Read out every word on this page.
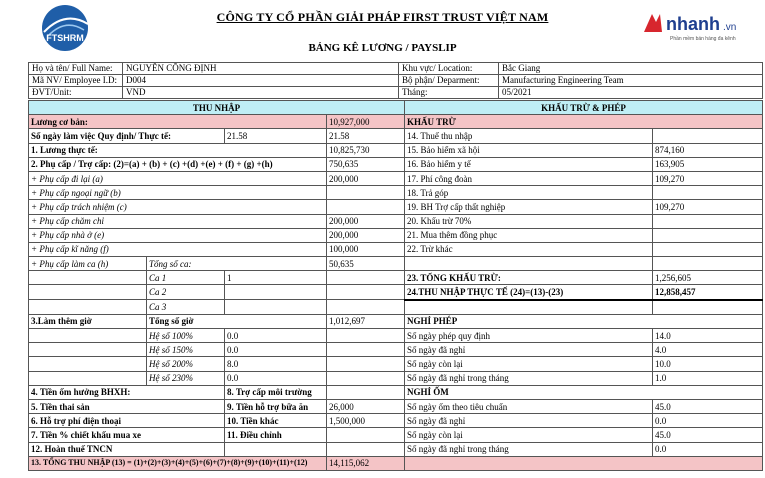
FTSHRM
CÔNG TY CỔ PHẦN GIẢI PHÁP FIRST TRUST VIỆT NAM	nhanh .vn
Phần mềm bán hàng đa kênh
BẢNG KÊ LƯƠNG / PAYSLIP
Họ và tên/ Full Name:	NGUYỄN CÔNG ĐỊNH	Khu vực/ Location:	Bắc Giang
Mã NV/ Employee I.D:	D004	Bộ phận/ Deparment:	Manufacturing Engineering Team
ĐVT/Unit:	VND	Tháng:	05/2021
THU NHẬP				KHẤU TRỪ & PHÉP	
Lương cơ bản:			10,927,000	KHẤU TRỪ	
Số ngày làm việc Quy định/ Thực tế:		21.58	21.58	14. Thuế thu nhập	
1. Lương thực tế:			10,825,730	15. Bảo hiểm xã hội	874,160
2. Phụ cấp / Trợ cấp: (2)=(a) + (b) + (c) +(d) +(e) + (f) + (g) +(h)			750,635	16. Bảo hiểm y tế	163,905
+ Phụ cấp đi lại (a)			200,000	17. Phí công đoàn	109,270
+ Phụ cấp ngoại ngữ (b)				18. Trả góp	
+ Phụ cấp trách nhiệm (c)				19. BH Trợ cấp thất nghiệp	109,270
+ Phụ cấp chăm chỉ			200,000	20. Khấu trừ 70%	
+ Phụ cấp nhà ở (e)			200,000	21. Mua thêm đồng phục	
+ Phụ cấp kĩ năng (f)			100,000	22. Trừ khác	
+ Phụ cấp làm ca (h)	Tổng số ca:		50,635		
	Ca 1	1		23. TỔNG KHẤU TRỪ:	1,256,605
	Ca 2			24.THU NHẬP THỰC TẾ (24)=(13)-(23)	12,858,457
	Ca 3				
3.Làm thêm giờ	Tổng số giờ		1,012,697	NGHỈ PHÉP	
	Hệ số 100%	0.0		Số ngày phép quy định	14.0
	Hệ số 150%	0.0		Số ngày đã nghỉ	4.0
	Hệ số 200%	8.0		Số ngày còn lại	10.0
	Hệ số 230%	0.0		Số ngày đã nghỉ trong tháng	1.0
4. Tiền ốm hưởng BHXH:		8. Trợ cấp môi trường		NGHỈ ỐM	
5. Tiền thai sản		9. Tiền hỗ trợ bữa ăn	26,000	Số ngày ốm theo tiêu chuẩn	45.0
6. Hỗ trợ phí điện thoại		10. Tiền khác	1,500,000	Số ngày đã nghỉ	0.0
7. Tiền % chiết khấu mua xe		11. Điều chỉnh		Số ngày còn lại	45.0
12. Hoàn thuế TNCN				Số ngày đã nghỉ trong tháng	0.0
13. TỔNG THU NHẬP (13) = (1)+(2)+(3)+(4)+(5)+(6)+(7)+(8)+(9)+(10)+(11)+(12)			14,115,062		
